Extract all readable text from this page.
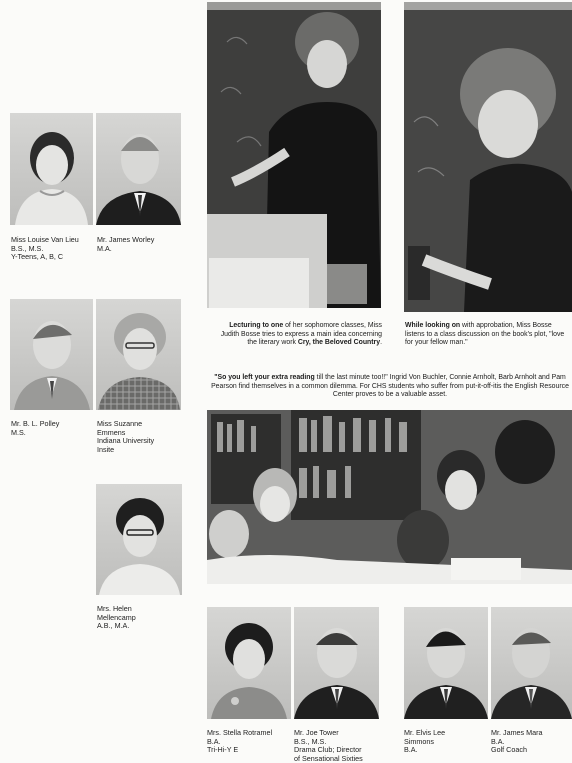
Miss Louise Van Lieu
B.S., M.S.
Y-Teens, A, B, C
Mr. James Worley
M.A.
Mr. B. L. Polley
M.S.
Miss Suzanne
Emmens
Indiana University
Insite
Mrs. Helen
Mellencamp
A.B., M.A.
Lecturing to one of her sophomore classes, Miss Judith Bosse tries to express a main idea concerning the literary work Cry, the Beloved Country.
While looking on with approbation, Miss Bosse listens to a class discussion on the book's plot, "love for your fellow man."
"So you left your extra reading till the last minute too!!" Ingrid Von Buchler, Connie Arnholt, Barb Arnholt and Pam Pearson find themselves in a common dilemma. For CHS students who suffer from put-it-off-itis the English Resource Center proves to be a valuable asset.
Mrs. Stella Rotramel
B.A.
Tri-Hi-Y E
Mr. Joe Tower
B.S., M.S.
Drama Club; Director
of Sensational Sixties
Mr. Elvis Lee
Simmons
B.A.
Mr. James Mara
B.A.
Golf Coach
